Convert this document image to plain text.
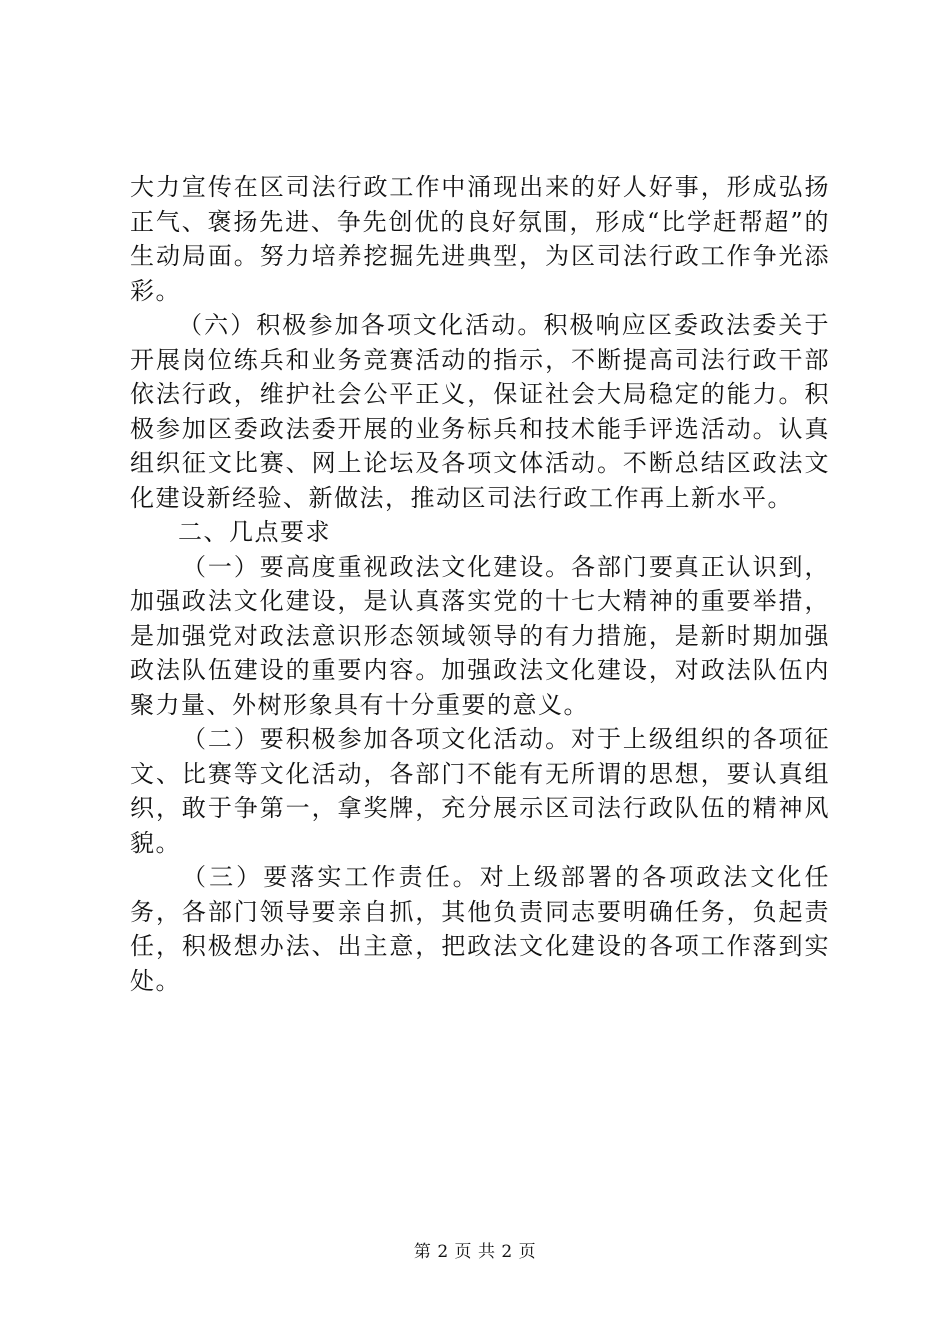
大力宣传在区司法行政工作中涌现出来的好人好事，形成弘扬正气、褒扬先进、争先创优的良好氛围，形成“比学赶帮超”的生动局面。努力培养挖掘先进典型，为区司法行政工作争光添彩。

（六）积极参加各项文化活动。积极响应区委政法委关于开展岗位练兵和业务竞赛活动的指示，不断提高司法行政干部依法行政，维护社会公平正义，保证社会大局稳定的能力。积极参加区委政法委开展的业务标兵和技术能手评选活动。认真组织征文比赛、网上论坛及各项文体活动。不断总结区政法文化建设新经验、新做法，推动区司法行政工作再上新水平。

二、几点要求

（一）要高度重视政法文化建设。各部门要真正认识到，加强政法文化建设，是认真落实党的十七大精神的重要举措，是加强党对政法意识形态领域领导的有力措施，是新时期加强政法队伍建设的重要内容。加强政法文化建设，对政法队伍内聚力量、外树形象具有十分重要的意义。

（二）要积极参加各项文化活动。对于上级组织的各项征文、比赛等文化活动，各部门不能有无所谓的思想，要认真组织，敢于争第一，拿奖牌，充分展示区司法行政队伍的精神风貌。

（三）要落实工作责任。对上级部署的各项政法文化任务，各部门领导要亲自抓，其他负责同志要明确任务，负起责任，积极想办法、出主意，把政法文化建设的各项工作落到实处。

第 2 页 共 2 页
